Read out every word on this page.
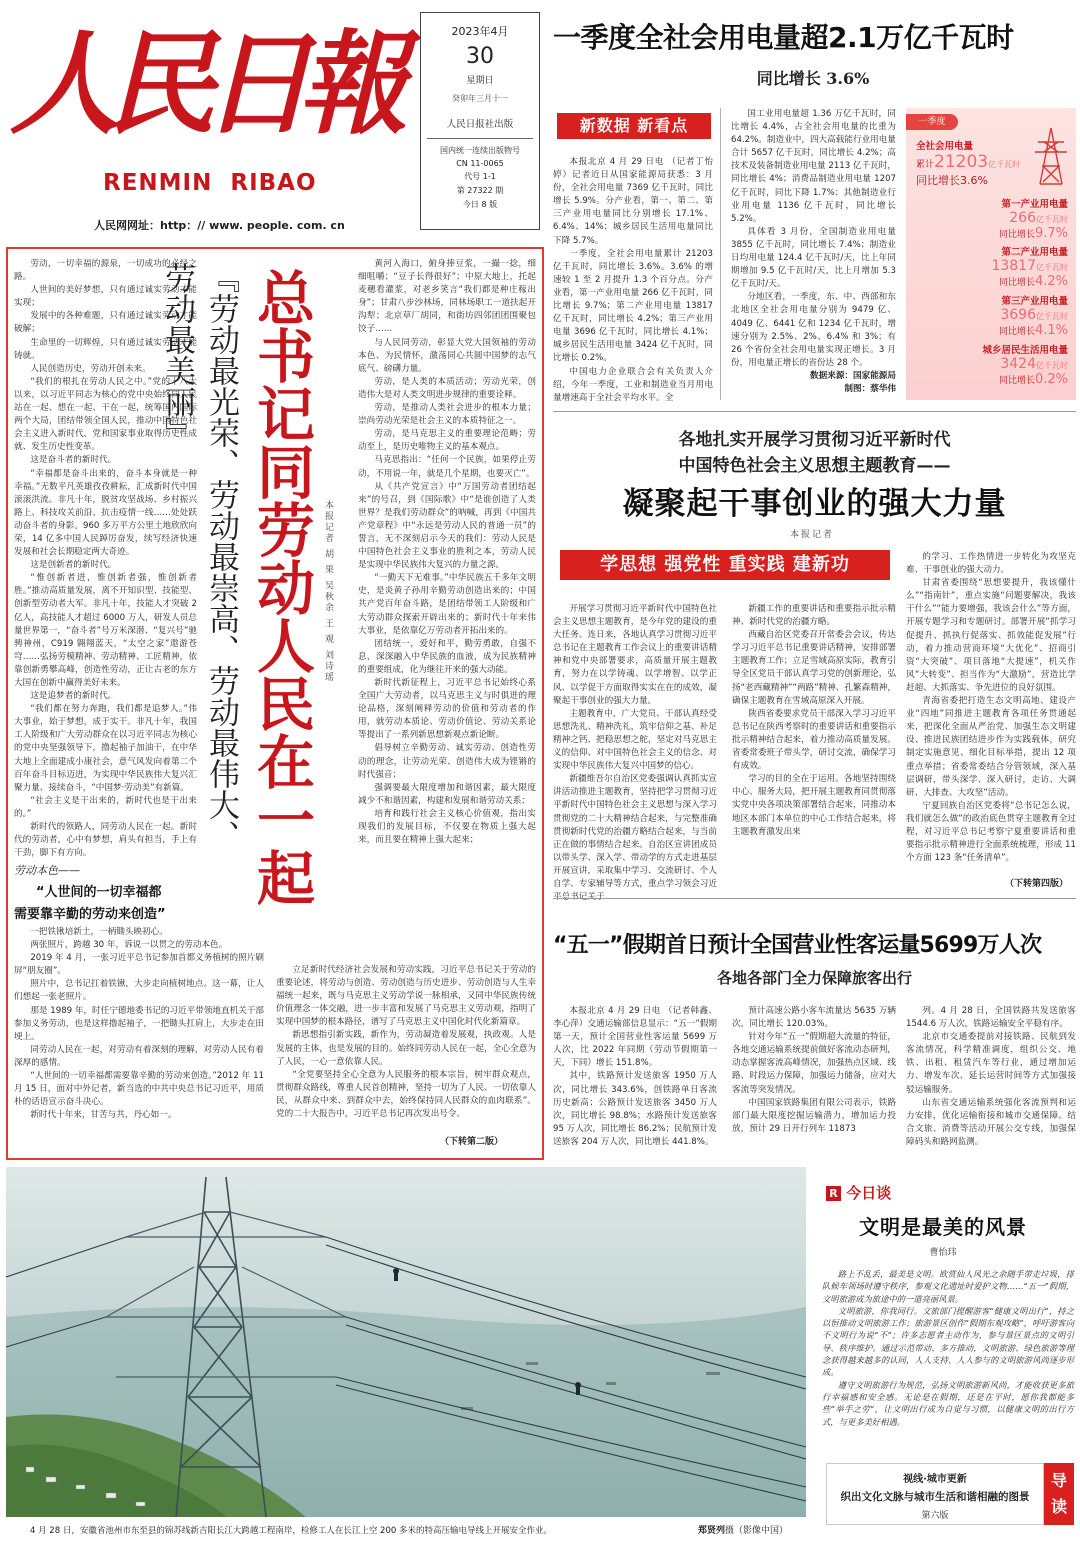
人民日報
RENMIN  RIBAO
人民网网址：http：// www. people. com. cn
2023年4月
30
星期日
癸卯年三月十一
人民日报社出版
国内统一连续出版物号
CN 11-0065
代号 1-1
第 27322 期
今日 8 版
一季度全社会用电量超2.1万亿千瓦时
同比增长 3.6%
新数据 新看点

本报北京 4 月 29 日电 （记者丁怡婷）记者近日从国家能源局获悉：3 月份，全社会用电量 7369 亿千瓦时，同比增长 5.9%。分产业看，第一、第二、第三产业用电量同比分别增长 17.1%、6.4%、14%；城乡居民生活用电量同比下降 5.7%。

一季度，全社会用电量累计 21203 亿千瓦时，同比增长 3.6%。3.6% 的增速较 1 至 2 月提升 1.3 个百分点。分产业看，第一产业用电量 266 亿千瓦时，同比增长 9.7%；第二产业用电量 13817 亿千瓦时，同比增长 4.2%；第三产业用电量 3696 亿千瓦时，同比增长 4.1%；城乡居民生活用电量 3424 亿千瓦时，同比增长 0.2%。

中国电力企业联合会有关负责人介绍，今年一季度，工业和制造业当月用电量增速高于全社会平均水平。全

国工业用电量超 1.36 万亿千瓦时，同比增长 4.4%，占全社会用电量的比重为 64.2%。制造业中，四大高载能行业用电量合计 5657 亿千瓦时，同比增长 4.2%；高技术及装备制造业用电量 2113 亿千瓦时，同比增长 4%；消费品制造业用电量 1207 亿千瓦时，同比下降 1.7%；其他制造业行业用电量 1136 亿千瓦时，同比增长 5.2%。

具体看 3 月份，全国制造业用电量 3855 亿千瓦时，同比增长 7.4%；制造业日均用电量 124.4 亿千瓦时/天，比上年同期增加 9.5 亿千瓦时/天，比上月增加 5.3 亿千瓦时/天。

分地区看，一季度，东、中、西部和东北地区全社会用电量分别为 9479 亿、4049 亿、6441 亿和 1234 亿千瓦时，增速分别为 2.5%、2%、6.4% 和 3%；有 26 个省份全社会用电量实现正增长。3 月份，用电量正增长的省份达 28 个。

数据来源：国家能源局

制图：蔡华伟

一季度
全社会用电量
累计21203亿千瓦时
同比增长3.6%
第一产业用电量
266亿千瓦时
同比增长9.7%
第二产业用电量
13817亿千瓦时
同比增长4.2%
第三产业用电量
3696亿千瓦时
同比增长4.1%
城乡居民生活用电量
3424亿千瓦时
同比增长0.2%

劳动，一切幸福的源泉，一切成功的必经之路。

人世间的美好梦想，只有通过诚实劳动才能实现；

发展中的各种难题，只有通过诚实劳动才能破解；

生命里的一切辉煌，只有通过诚实劳动才能铸就。

人民创造历史，劳动开创未来。

“我们的根扎在劳动人民之中。”党的十八大以来，以习近平同志为核心的党中央始终同人民站在一起、想在一起、干在一起，统筹国内国际两个大局，团结带领全国人民，推动中国特色社会主义进入新时代，党和国家事业取得历史性成就、发生历史性变革。

这是奋斗者的新时代。

“幸福都是奋斗出来的，奋斗本身就是一种幸福。”无数平凡英雄孜孜耕耘，汇成新时代中国滚滚洪流。非凡十年，脱贫攻坚战场、乡村振兴路上、科技攻关前沿、抗击疫情一线……处处跃动奋斗者的身影。960 多万平方公里土地欣欣向荣，14 亿多中国人民踔厉奋发，续写经济快速发展和社会长期稳定两大奇迹。

这是创新者的新时代。

“惟创新者进，惟创新者强，惟创新者胜。”推动高质量发展，离不开知识型、技能型、创新型劳动者大军。非凡十年，技能人才突破 2 亿人，高技能人才超过 6000 万人，研发人员总量世界第一，“奋斗者”号万米深潜、“复兴号”驰骋神州，C919 翱翔蓝天，“太空之家”遨游苍穹……弘扬劳模精神、劳动精神、工匠精神，依靠创新勇攀高峰，创造性劳动，正让古老的东方大国在创新中赢得美好未来。

这是追梦者的新时代。

“我们都在努力奔跑，我们都是追梦人。”伟大事业，始于梦想，成于实干。非凡十年，我国工人阶级和广大劳动群众在以习近平同志为核心的党中央坚强领导下，撸起袖子加油干，在中华大地上全面建成小康社会，意气风发向着第二个百年奋斗目标迈进，为实现中华民族伟大复兴汇聚力量、接续奋斗，“中国梦·劳动美”有新篇。

“社会主义是干出来的，新时代也是干出来的。”

新时代的领路人，同劳动人民在一起。新时代的劳动者，心中有梦想，肩头有担当，手上有干劲，脚下有方向。

『劳动最光荣、劳动最崇高、劳动最伟大、劳动最美丽』 总书记同劳动人民在一起 本报记者 胡 果 吴秋余 王 观 刘诗瑶

黄河入海口，俯身捧豆浆，一撮一捻，细细咀嚼；“豆子长得很好”；中原大地上，托起麦穗看灌浆，对老乡笑言“我们都是种庄稼出身”；甘肃八步沙林场，同林场职工一道扶起开沟犁；北京草厂胡同，和街坊四邻团团围聚包饺子……

与人民同劳动，彰显大党大国领袖的劳动本色、为民情怀，激荡同心共圆中国梦的志气底气、磅礴力量。

劳动，是人类的本质活动；劳动光荣，创造伟大是对人类文明进步规律的重要诠释。

劳动，是推动人类社会进步的根本力量；崇尚劳动光荣是社会主义的本质特征之一。

劳动，是马克思主义的重要理论范畴；劳动至上，是历史唯物主义的基本观点。

马克思指出：“任何一个民族，如果停止劳动，不用说一年，就是几个星期，也要灭亡”。

从《共产党宣言》中“万国劳动者团结起来”的号召，到《国际歌》中“是谁创造了人类世界？是我们劳动群众”的呐喊，再到《中国共产党章程》中“永远是劳动人民的普通一员”的誓言，无不深刻启示今天的我们：劳动人民是中国特色社会主义事业的胜利之本，劳动人民是实现中华民族伟大复兴的力量之源。

“一勤天下无难事。”中华民族五千多年文明史，是炎黄子孙用辛勤劳动创造出来的；中国共产党百年奋斗路，是团结带领工人阶级和广大劳动群众探索开辟出来的；新时代十年来伟大事业，是依靠亿万劳动者开拓出来的。

团结统一，爱好和平，勤劳勇敢，自强不息，深深融入中华民族的血液，成为民族精神的重要组成，化为继往开来的强大动能。

新时代新征程上，习近平总书记始终心系全国广大劳动者，以马克思主义与时俱进的理论品格，深刻阐释劳动的价值和劳动者的作用，就劳动本质论、劳动价值论、劳动关系论等提出了一系列新思想新观点新论断。

倡导树立辛勤劳动、诚实劳动、创造性劳动的理念，让劳动光荣、创造伟大成为铿锵的时代强音；

强调要最大限度增加和谐因素，最大限度减少不和谐因素，构建和发展和谐劳动关系；

培育和践行社会主义核心价值观，指出实现我们的发展目标，不仅要在物质上强大起来，而且要在精神上强大起来；

劳动本色——
“人世间的一切幸福都
需要靠辛勤的劳动来创造”

一把铁锹培新土，一柄锄头映初心。

两张照片，跨越 30 年，诉说一以贯之的劳动本色。

2019 年 4 月，一张习近平总书记参加首都义务植树的照片刷屏“朋友圈”。

照片中，总书记扛着铁锹，大步走向植树地点。这一幕，让人们想起一张老照片。

那是 1989 年，时任宁德地委书记的习近平带领地直机关干部参加义务劳动，也是这样撸起袖子，一把锄头扛肩上，大步走在田埂上。

同劳动人民在一起，对劳动有着深刻的理解，对劳动人民有着深厚的感情。

“人世间的一切幸福都需要靠辛勤的劳动来创造。”2012 年 11 月 15 日，面对中外记者，新当选的中共中央总书记习近平，用质朴的话语宣示奋斗决心。

新时代十年来，甘苦与共，丹心如一。

立足新时代经济社会发展和劳动实践，习近平总书记关于劳动的重要论述，将劳动与创造、劳动创造与历史进步、劳动创造与人生幸福统一起来，既与马克思主义劳动学说一脉相承，又同中华民族传统价值理念一体交融，进一步丰富和发展了马克思主义劳动观，指明了实现中国梦的根本路径，谱写了马克思主义中国化时代化新篇章。

新思想指引新实践，新作为，劳动凝造着发展观，执政观。人是发展的主体，也是发展的目的。始终同劳动人民在一起，全心全意为了人民，一心一意依靠人民。

“全党要坚持全心全意为人民服务的根本宗旨，树牢群众观点，贯彻群众路线，尊重人民首创精神，坚持一切为了人民、一切依靠人民，从群众中来、到群众中去，始终保持同人民群众的血肉联系”。党的二十大报告中，习近平总书记再次发出号令。

（下转第二版）
各地扎实开展学习贯彻习近平新时代
中国特色社会主义思想主题教育——
凝聚起干事创业的强大力量
本报记者
学思想 强党性 重实践 建新功

开展学习贯彻习近平新时代中国特色社会主义思想主题教育，是今年党的建设的重大任务。连日来，各地认真学习贯彻习近平总书记在主题教育工作会议上的重要讲话精神和党中央部署要求，高质量开展主题教育，努力在以学铸魂、以学增智、以学正风、以学促干方面取得实实在在的成效，凝聚起干事创业的强大力量。

主题教育中，广大党员、干部认真经受思想洗礼、精神洗礼，筑牢信仰之基、补足精神之钙、把稳思想之舵，坚定对马克思主义的信仰、对中国特色社会主义的信念、对实现中华民族伟大复兴中国梦的信心。

新疆维吾尔自治区党委强调认真抓实宣讲活动推进主题教育，坚持把学习贯彻习近平新时代中国特色社会主义思想与深入学习贯彻党的二十大精神结合起来，与完整准确贯彻新时代党的治疆方略结合起来，与当前正在做的事情结合起来。自治区宣讲团成员以带头学、深入学、带动学的方式走进基层开展宣讲，采取集中学习、交流研讨、个人自学、专家辅导等方式，重点学习领会习近

新疆工作的重要讲话和重要指示批示精神、新时代党的治疆方略。

西藏自治区党委召开常委会会议，传达学习习近平总书记重要讲话精神，安排部署主题教育工作；立足雪域高原实际，教育引导全区党员干部认真学习党的创新理论，弘扬“老西藏精神”“两路”精神、孔繁森精神，确保主题教育在雪域高原深入开展。

陕西省委要求党员干部深入学习习近平总书记在陕西考察时的重要讲话和重要指示批示精神结合起来，着力推动高质量发展。省委常委班子带头学，研讨交流，确保学习有成效。

学习的目的全在于运用。各地坚持围绕中心、服务大局，把开展主题教育同贯彻落实党中央各项决策部署结合起来，同推动本地区本部门本单位的中心工作结合起来，将主题教育激发出来

的学习、工作热情进一步转化为攻坚克难、干事创业的强大动力。

甘肃省委围绕“思想要提升，我该懂什么”“指南针”，重点实施“问题要解决，我该干什么”“能力要增强，我该会什么”等方面，开展专题学习和专题研讨。部署开展“抓学习促提升、抓执行促落实、抓效能促发展”行动，着力推动营商环境“大优化”、招商引资“大突破”、项目落地“大提速”，机关作风“大转变”、担当作为“大激励”，营造比学赶超、大抓落实、争先进位的良好氛围。

青海省委把打造生态文明高地、建设产业“四地”同推进主题教育各项任务贯通起来，把深化全面从严治党、加强生态文明建设、推进民族团结进步作为实践载体，研究制定实施意见、细化目标举措，提出 12 项重点举措；省委常委结合分管领域，深入基层调研，带头深学、深入研讨，走访、大调研、大排查、大攻坚”活动。

宁夏回族自治区党委将“总书记怎么说，我们就怎么做”的政治底色贯穿主题教育全过程，对习近平总书记考察宁夏重要讲话和重要指示批示精神进行全面系统梳理，形成 11 个方面 123 条“任务清单”。

（下转第四版）
“五一”假期首日预计全国营业性客运量5699万人次
各地各部门全力保障旅客出行

本报北京 4 月 29 日电 （记者韩鑫、李心萍）交通运输部信息显示：“五一”假期第一天，预计全国营业性客运量 5699 万人次，比 2022 年同期（劳动节假期第一天，下同）增长 151.8%。

其中，铁路预计发送旅客 1950 万人次，同比增长 343.6%，创铁路单日客流历史新高；公路预计发送旅客 3450 万人次，同比增长 98.8%；水路预计发送旅客 95 万人次，同比增长 86.2%；民航预计发送旅客 204 万人次，同比增长 441.8%。

预计高速公路小客车流量达 5635 万辆次，同比增长 120.03%。

针对今年“五一”假期超大流量的特征，各地交通运输系统提前做好客流动态研判，动态掌握客流高峰情况，加强热点区域、线路、时段运力保障，加强运力储备，应对大客流等突发情况。

中国国家铁路集团有限公司表示，铁路部门最大限度挖掘运输潜力，增加运力投放，预计 29 日开行列车 11873

列。4 月 28 日，全国铁路共发送旅客 1544.6 万人次，铁路运输安全平稳有序。

北京市交通委提前对接铁路、民航到发客流情况，科学精准调度，组织公交、地铁、出租、租赁汽车等行业，通过增加运力、增发车次、延长运营时间等方式加强接驳运输服务。

山东省交通运输系统强化客流预判和运力安排，优化运输衔接和城市交通保障。结合文旅、消费等活动开展公交专线，加强保障码头和路网监测。

4 月 28 日，安徽省池州市东至县的锦苏线新吉阳长江大跨越工程南岸，检修工人在长江上空 200 多米的特高压输电导线上开展安全作业。	郑贤列摄（影像中国）
R 今日谈
文明是最美的风景
曹怡玮

路上不乱丢，最美是文明。欧赏仙人风光之余随手带走垃圾，排队候车领场时遵守秩序，参观文化遗址时爱护文物……“五一”假期，文明旅游成为旅途中的一道亮丽风景。

文明旅游，你我同行。文旅部门提醒游客“健康文明出行”，持之以恒推动文明旅游工作；旅游景区创作“假期东观攻略”，呼吁游客向不文明行为说“不”；许多志愿者主动作为，参与景区景点的文明引导、秩序维护。通过示范带动、多方推动，文明旅游、绿色旅游等理念获得越来越多的认同，人人支持、人人参与的文明旅游风尚逐步形成。

遵守文明旅游行为规范，弘扬文明旅游新风尚，才能收获更多旅行幸福感和安全感。无论是在假期，还是在平时，愿你我都能多些“举手之劳”，让文明出行成为自觉与习惯，以健康文明的出行方式，与更多美好相遇。

视线·城市更新
织出文化文脉与城市生活和谐相融的图景
第六版
导
读
